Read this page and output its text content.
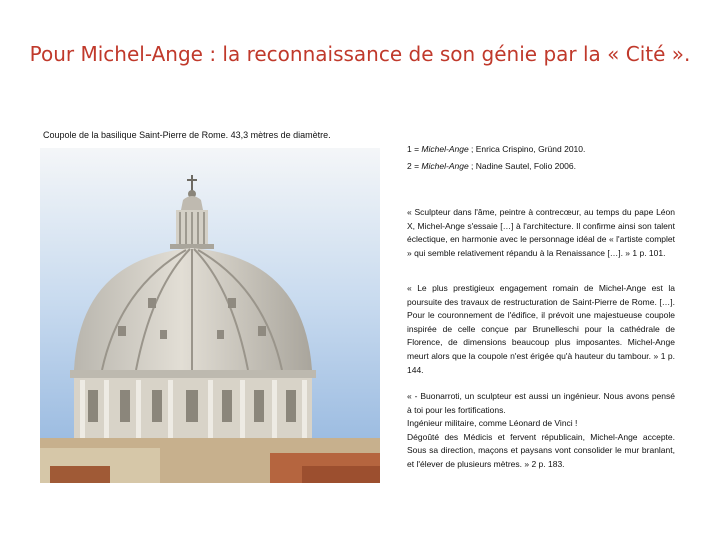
Pour Michel-Ange : la reconnaissance de son génie par la « Cité ».
Coupole de la basilique Saint-Pierre de Rome. 43,3 mètres de diamètre.
1 = Michel-Ange ; Enrica Crispino, Gründ 2010.
2 = Michel-Ange ; Nadine Sautel, Folio 2006.
« Sculpteur dans l'âme, peintre à contrecœur, au temps du pape Léon X, Michel-Ange s'essaie […] à l'architecture. Il confirme ainsi son talent éclectique, en harmonie avec le personnage idéal de « l'artiste complet » qui semble relativement répandu à la Renaissance […]. » 1 p. 101.
« Le plus prestigieux engagement romain de Michel-Ange est la poursuite des travaux de restructuration de Saint-Pierre de Rome. […]. Pour le couronnement de l'édifice, il prévoit une majestueuse coupole inspirée de celle conçue par Brunelleschi pour la cathédrale de Florence, de dimensions beaucoup plus imposantes. Michel-Ange meurt alors que la coupole n'est érigée qu'à hauteur du tambour. » 1 p. 144.

« - Buonarroti, un sculpteur est aussi un ingénieur. Nous avons pensé à toi pour les fortifications.

Ingénieur militaire, comme Léonard de Vinci !

Dégoûté des Médicis et fervent républicain, Michel-Ange accepte. Sous sa direction, maçons et paysans vont consolider le mur branlant, et l'élever de plusieurs mètres. » 2 p. 183.
